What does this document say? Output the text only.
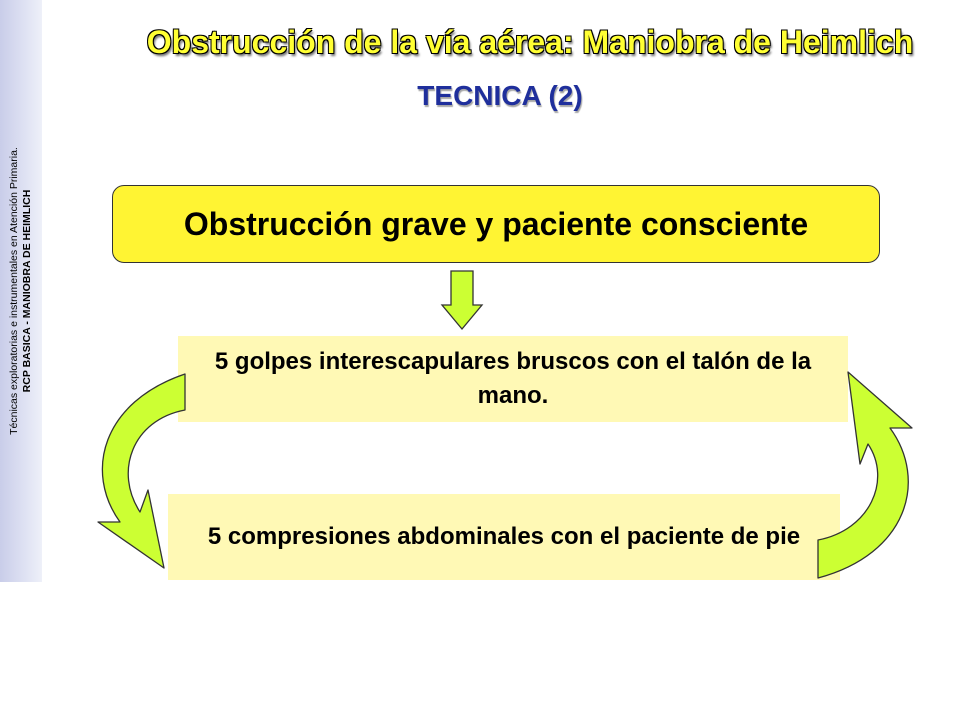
Técnicas exploratorias e instrumentales en Atención Primaria. RCP BASICA - MANIOBRA DE HEIMLICH
Obstrucción de la vía aérea: Maniobra de Heimlich
TECNICA (2)
Obstrucción grave y paciente consciente
5 golpes interescapulares bruscos con el talón de la mano.
5 compresiones abdominales con el paciente de pie
